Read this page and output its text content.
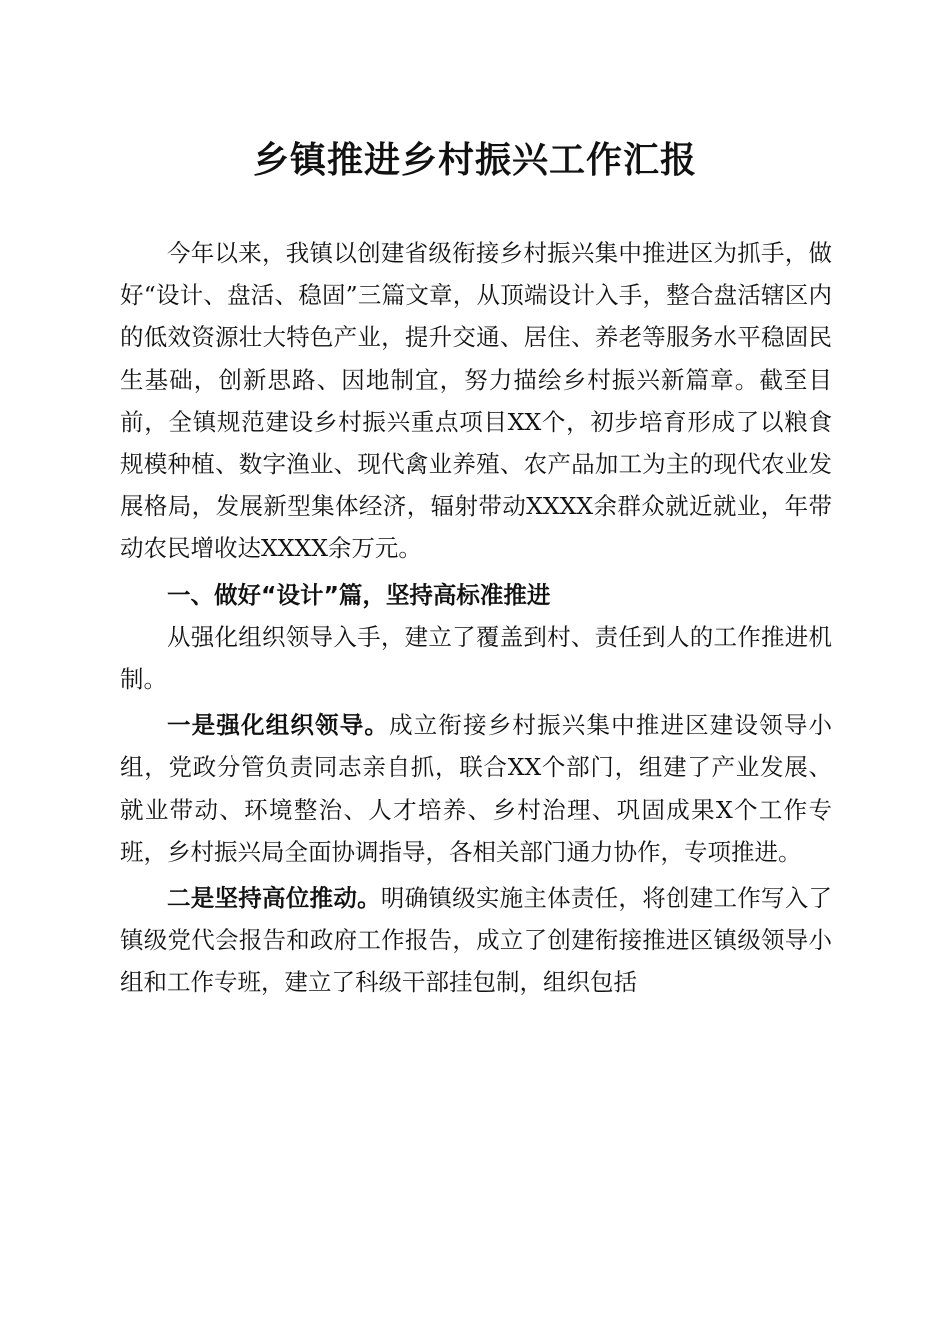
乡镇推进乡村振兴工作汇报

今年以来，我镇以创建省级衔接乡村振兴集中推进区为抓手，做好“设计、盘活、稳固”三篇文章，从顶端设计入手，整合盘活辖区内的低效资源壮大特色产业，提升交通、居住、养老等服务水平稳固民生基础，创新思路、因地制宜，努力描绘乡村振兴新篇章。截至目前，全镇规范建设乡村振兴重点项目XX个，初步培育形成了以粮食规模种植、数字渔业、现代禽业养殖、农产品加工为主的现代农业发展格局，发展新型集体经济，辐射带动XXXX余群众就近就业，年带动农民增收达XXXX余万元。

一、做好“设计”篇，坚持高标准推进

从强化组织领导入手，建立了覆盖到村、责任到人的工作推进机制。

一是强化组织领导。成立衔接乡村振兴集中推进区建设领导小组，党政分管负责同志亲自抓，联合XX个部门，组建了产业发展、就业带动、环境整治、人才培养、乡村治理、巩固成果X个工作专班，乡村振兴局全面协调指导，各相关部门通力协作，专项推进。

二是坚持高位推动。明确镇级实施主体责任，将创建工作写入了镇级党代会报告和政府工作报告，成立了创建衔接推进区镇级领导小组和工作专班，建立了科级干部挂包制，组织包括
